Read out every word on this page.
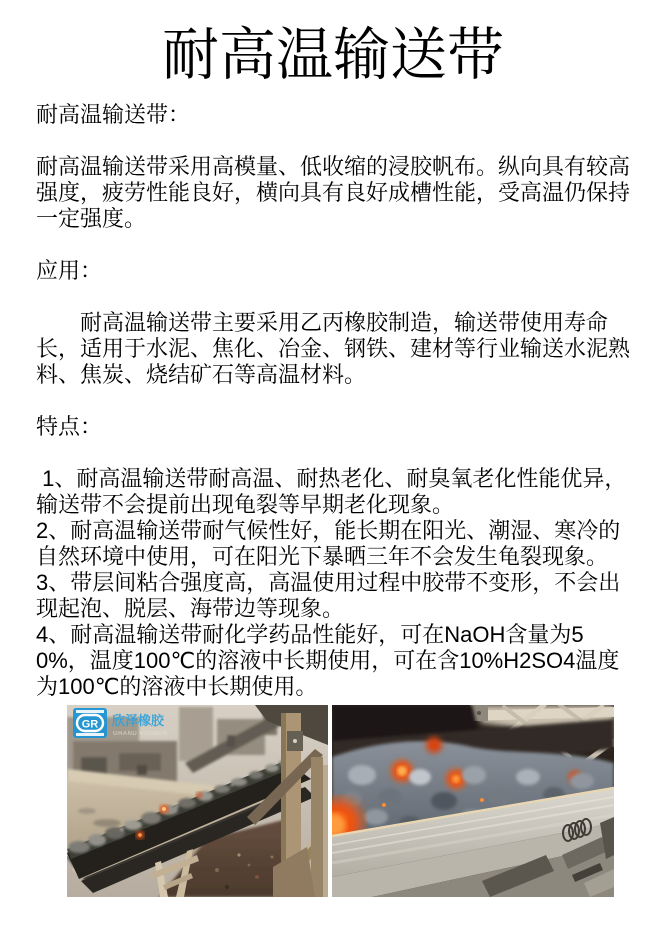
耐高温输送带

耐高温输送带：

耐高温输送带采用高模量、低收缩的浸胶帆布。纵向具有较高强度，疲劳性能良好，横向具有良好成槽性能，受高温仍保持一定强度。

应用：

　　耐高温输送带主要采用乙丙橡胶制造，输送带使用寿命长，适用于水泥、焦化、冶金、钢铁、建材等行业输送水泥熟料、焦炭、烧结矿石等高温材料。

特点：

1、耐高温输送带耐高温、耐热老化、耐臭氧老化性能优异，输送带不会提前出现龟裂等早期老化现象。

2、耐高温输送带耐气候性好，能长期在阳光、潮湿、寒冷的自然环境中使用，可在阳光下暴晒三年不会发生龟裂现象。

3、带层间粘合强度高，高温使用过程中胶带不变形，不会出现起泡、脱层、海带边等现象。

4、耐高温输送带耐化学药品性能好，可在NaOH含量为50%，温度100℃的溶液中长期使用，可在含10%H2SO4温度为100℃的溶液中长期使用。

GR 欣泽橡胶
GRAND RUBBER
